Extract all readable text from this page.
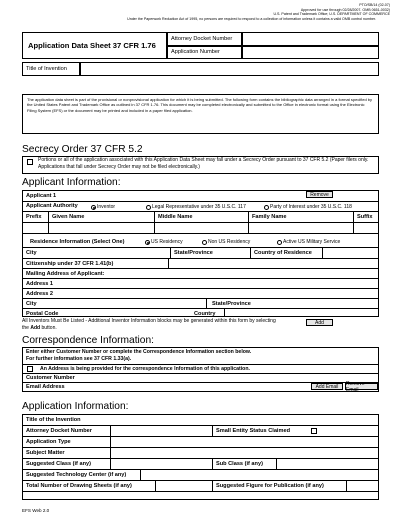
PTO/SB/14 (02-07)
Approved for use through 02/28/2007. OMB 0651-0032)
U.S. Patent and Trademark Office; U.S. DEPARTMENT OF COMMERCE
Under the Paperwork Reduction Act of 1995, no persons are required to respond to a collection of information unless it contains a valid OMB control number.
Application Data Sheet 37 CFR 1.76
Attorney Docket Number
Application Number
Title of Invention
The application data sheet is part of the provisional or nonprovisional application for which it is being submitted. The following form contains the bibliographic data arranged in a format specified by the United States Patent and Trademark Office as outlined in 37 CFR 1.76. This document may be completed electronically and submitted to the Office in electronic format using the Electronic Filing System (EFS) or the document may be printed and included in a paper filed application.
Secrecy Order 37 CFR 5.2
Portions or all of the application associated with this Application Data Sheet may fall under a Secrecy Order pursuant to 37 CFR 5.2 (Paper filers only. Applications that fall under Secrecy Order may not be filed electronically.)
Applicant Information:
Applicant 1	Remove
Applicant Authority	Inventor	Legal Representative under 35 U.S.C. 117	Party of Interest under 35 U.S.C. 118
Prefix Given Name	Middle Name	Family Name	Suffix
Residence Information (Select One)	US Residency	Non US Residency	Active US Military Service
City	State/Province	Country of Residence
Citizenship under 37 CFR 1.41(b)
Mailing Address of Applicant:
Address 1
Address 2
City	State/Province
Postal Code	Country
All Inventors Must Be Listed - Additional Inventor Information blocks may be generated within this form by selecting the Add button.
Add
Correspondence Information:
Enter either Customer Number or complete the Correspondence Information section below.
For further information see 37 CFR 1.33(a).
An Address is being provided for the correspondence Information of this application.
Customer Number
Email Address	Add Email	Remove Email
Application Information:
Title of the Invention
Attorney Docket Number	Small Entity Status Claimed
Application Type
Subject Matter
Suggested Class (if any)	Sub Class (if any)
Suggested Technology Center (if any)
Total Number of Drawing Sheets (if any)	Suggested Figure for Publication (if any)
EFS Web 2.0
